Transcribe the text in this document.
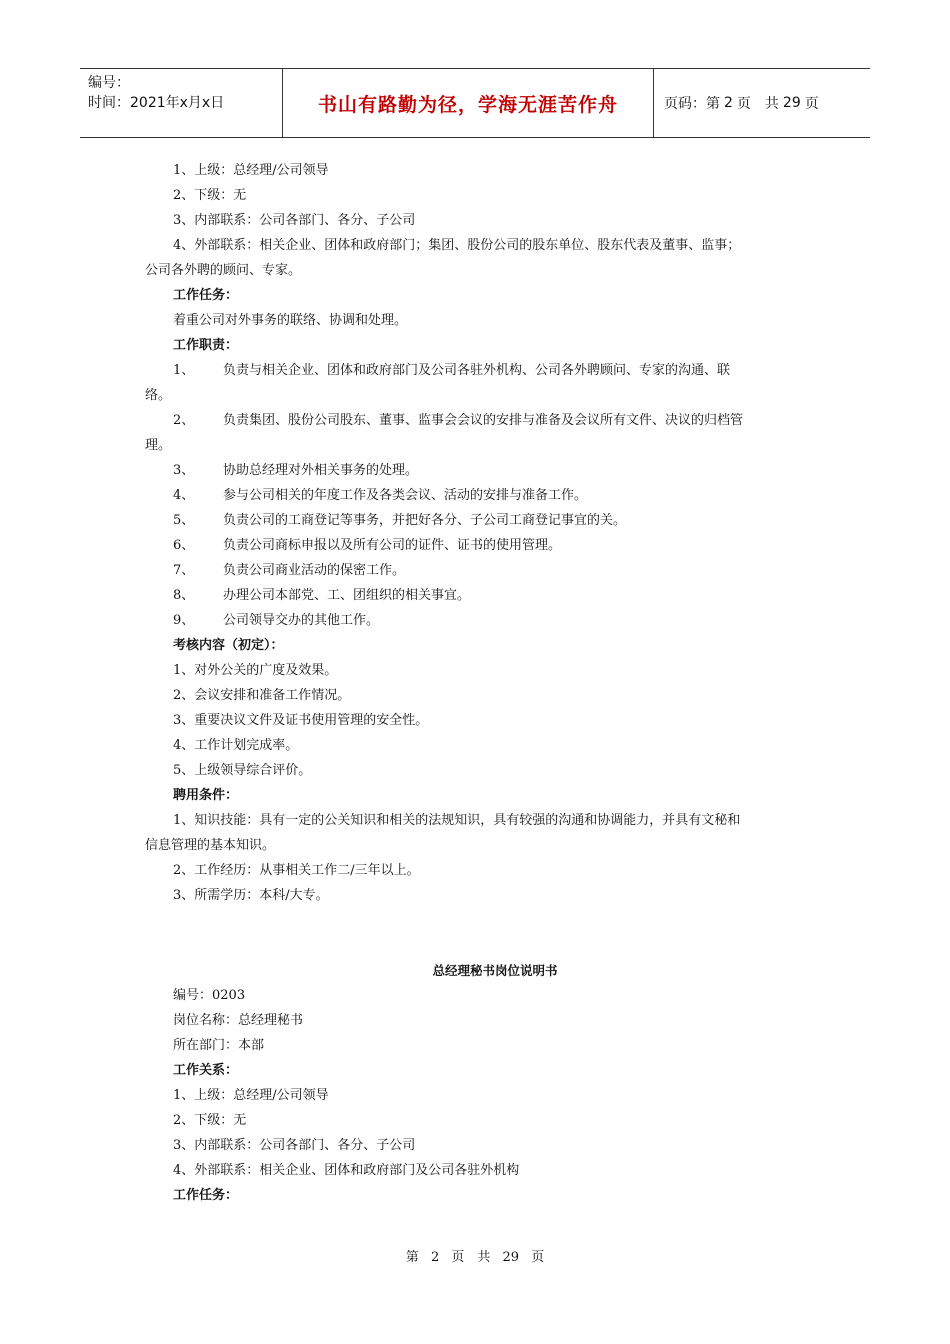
编号：
时间：2021年x月x日	书山有路勤为径，学海无涯苦作舟	页码：第 2 页　共 29 页
1、上级：总经理/公司领导
2、下级：无
3、内部联系：公司各部门、各分、子公司
4、外部联系：相关企业、团体和政府部门；集团、股份公司的股东单位、股东代表及董事、监事；
公司各外聘的顾问、专家。
工作任务：
着重公司对外事务的联络、协调和处理。
工作职责：
1、	负责与相关企业、团体和政府部门及公司各驻外机构、公司各外聘顾问、专家的沟通、联
络。
2、	负责集团、股份公司股东、董事、监事会会议的安排与准备及会议所有文件、决议的归档管
理。
3、	协助总经理对外相关事务的处理。
4、	参与公司相关的年度工作及各类会议、活动的安排与准备工作。
5、	负责公司的工商登记等事务，并把好各分、子公司工商登记事宜的关。
6、	负责公司商标申报以及所有公司的证件、证书的使用管理。
7、	负责公司商业活动的保密工作。
8、	办理公司本部党、工、团组织的相关事宜。
9、	公司领导交办的其他工作。
考核内容（初定）：
1、对外公关的广度及效果。
2、会议安排和准备工作情况。
3、重要决议文件及证书使用管理的安全性。
4、工作计划完成率。
5、上级领导综合评价。
聘用条件：
1、知识技能：具有一定的公关知识和相关的法规知识，具有较强的沟通和协调能力，并具有文秘和
信息管理的基本知识。
2、工作经历：从事相关工作二/三年以上。
3、所需学历：本科/大专。
总经理秘书岗位说明书
编号：0203
岗位名称：总经理秘书
所在部门：本部
工作关系：
1、上级：总经理/公司领导
2、下级：无
3、内部联系：公司各部门、各分、子公司
4、外部联系：相关企业、团体和政府部门及公司各驻外机构
工作任务：
第 2 页　共 29 页
